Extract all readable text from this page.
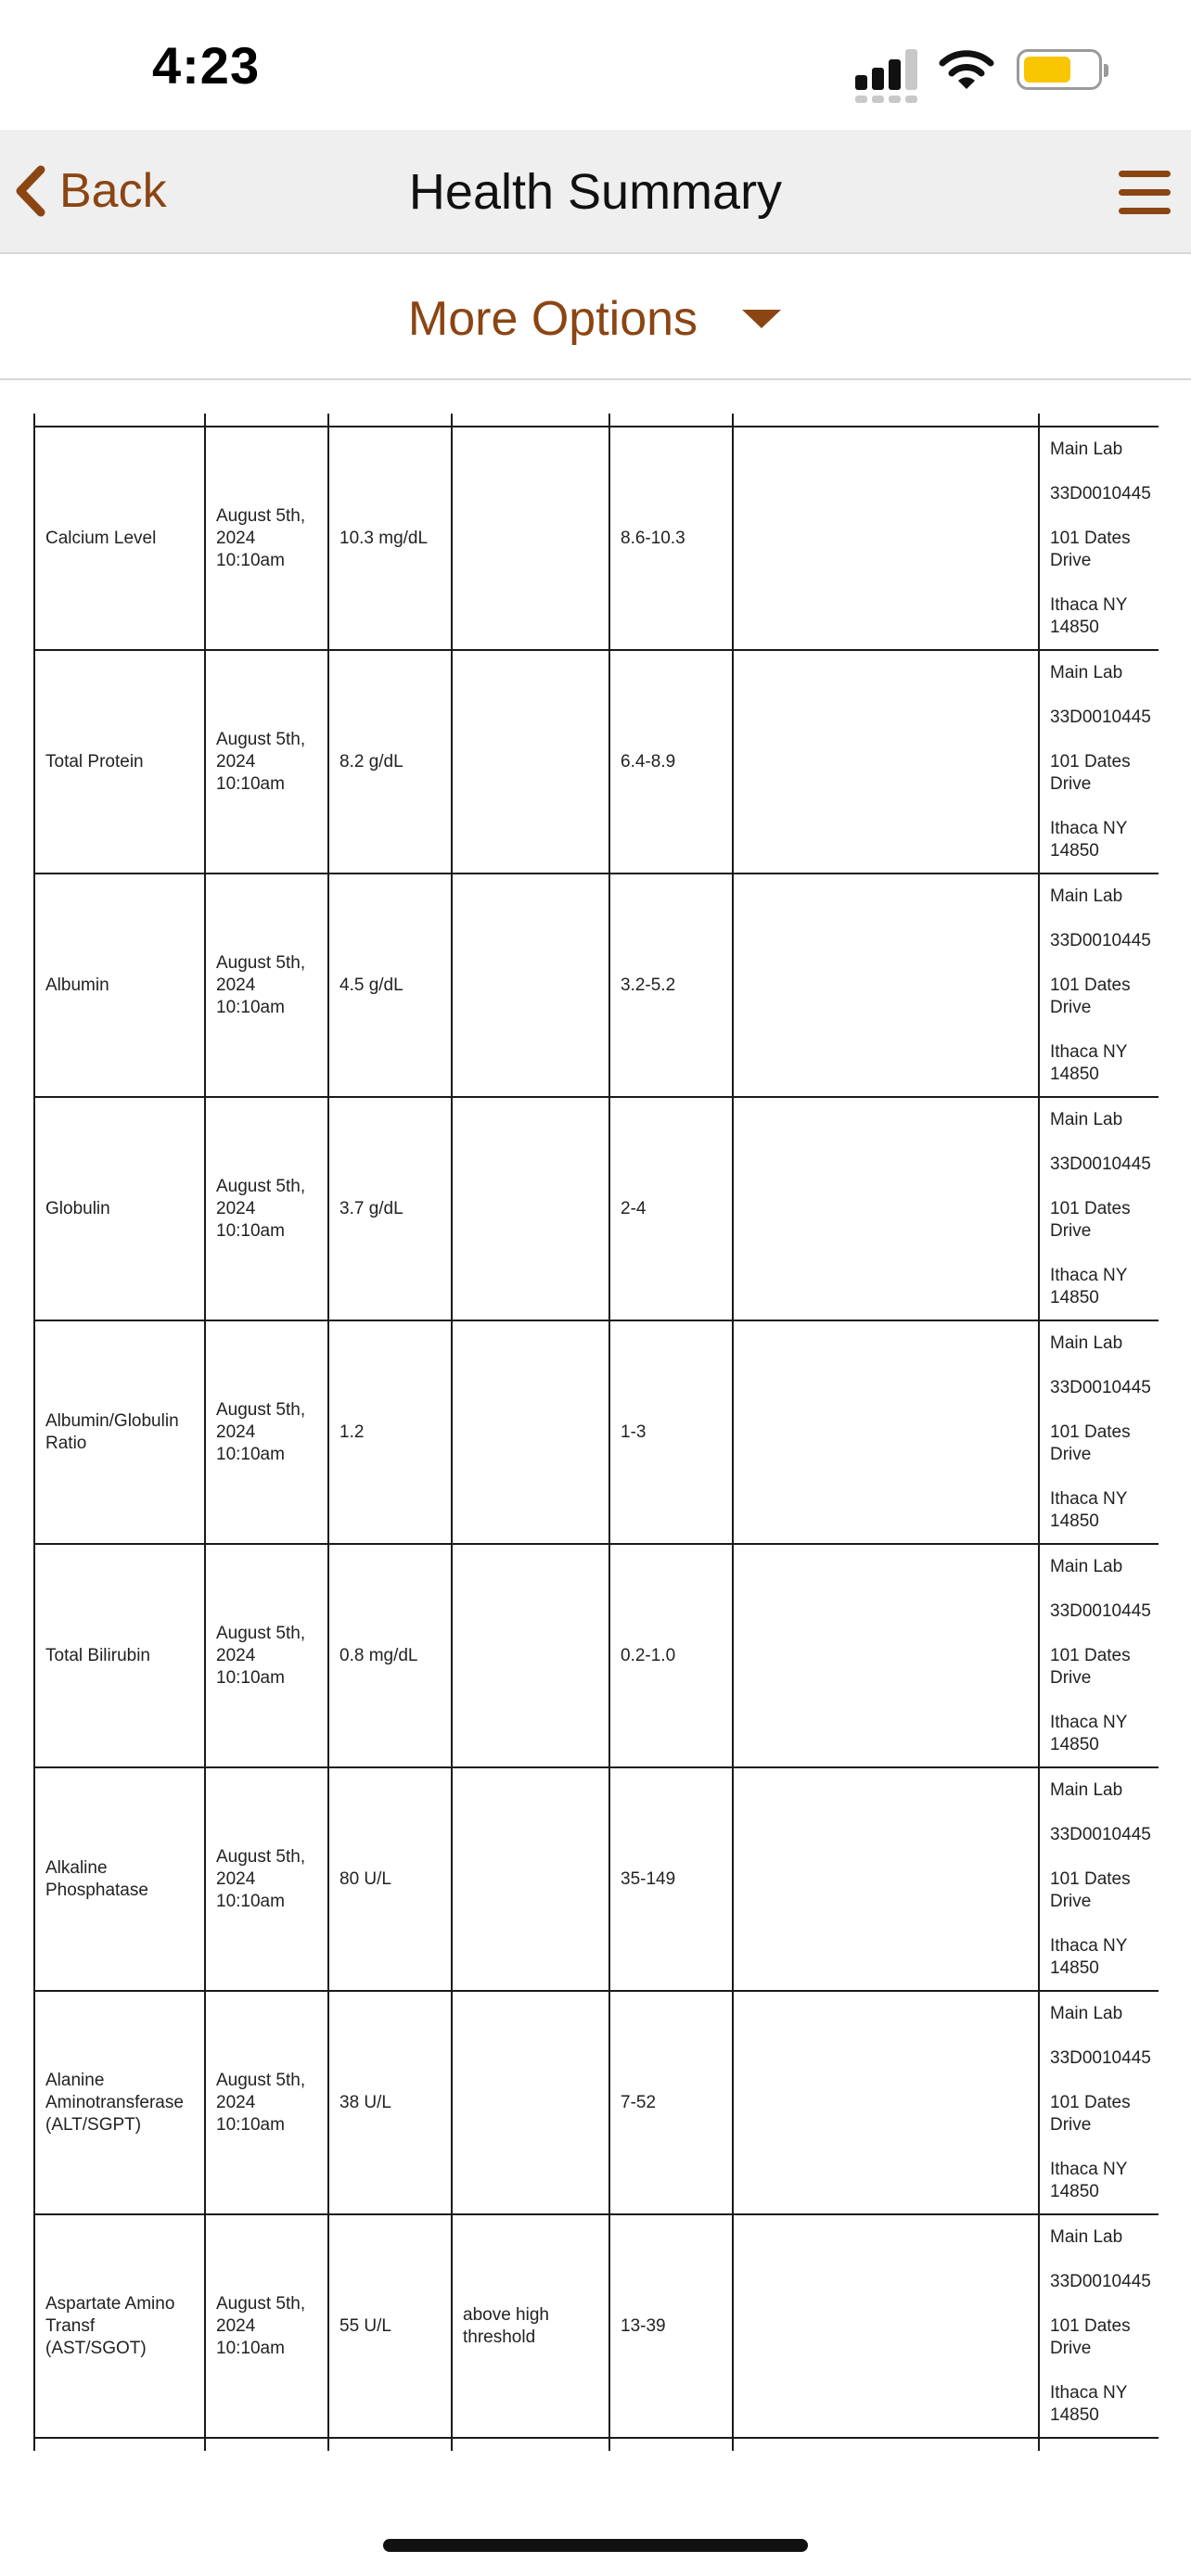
4:23
Back	Health Summary
More Options

Calcium Level	August 5th, 2024 10:10am	10.3 mg/dL		8.6-10.3		Main Lab
33D0010445
101 Dates Drive
Ithaca NY 14850

Total Protein	August 5th, 2024 10:10am	8.2 g/dL		6.4-8.9		Main Lab
33D0010445
101 Dates Drive
Ithaca NY 14850

Albumin	August 5th, 2024 10:10am	4.5 g/dL		3.2-5.2		Main Lab
33D0010445
101 Dates Drive
Ithaca NY 14850

Globulin	August 5th, 2024 10:10am	3.7 g/dL		2-4		Main Lab
33D0010445
101 Dates Drive
Ithaca NY 14850

Albumin/Globulin Ratio	August 5th, 2024 10:10am	1.2		1-3		Main Lab
33D0010445
101 Dates Drive
Ithaca NY 14850

Total Bilirubin	August 5th, 2024 10:10am	0.8 mg/dL		0.2-1.0		Main Lab
33D0010445
101 Dates Drive
Ithaca NY 14850

Alkaline Phosphatase	August 5th, 2024 10:10am	80 U/L		35-149		Main Lab
33D0010445
101 Dates Drive
Ithaca NY 14850

Alanine Aminotransferase (ALT/SGPT)	August 5th, 2024 10:10am	38 U/L		7-52		Main Lab
33D0010445
101 Dates Drive
Ithaca NY 14850

Aspartate Amino Transf (AST/SGOT)	August 5th, 2024 10:10am	55 U/L	above high threshold	13-39		Main Lab
33D0010445
101 Dates Drive
Ithaca NY 14850
